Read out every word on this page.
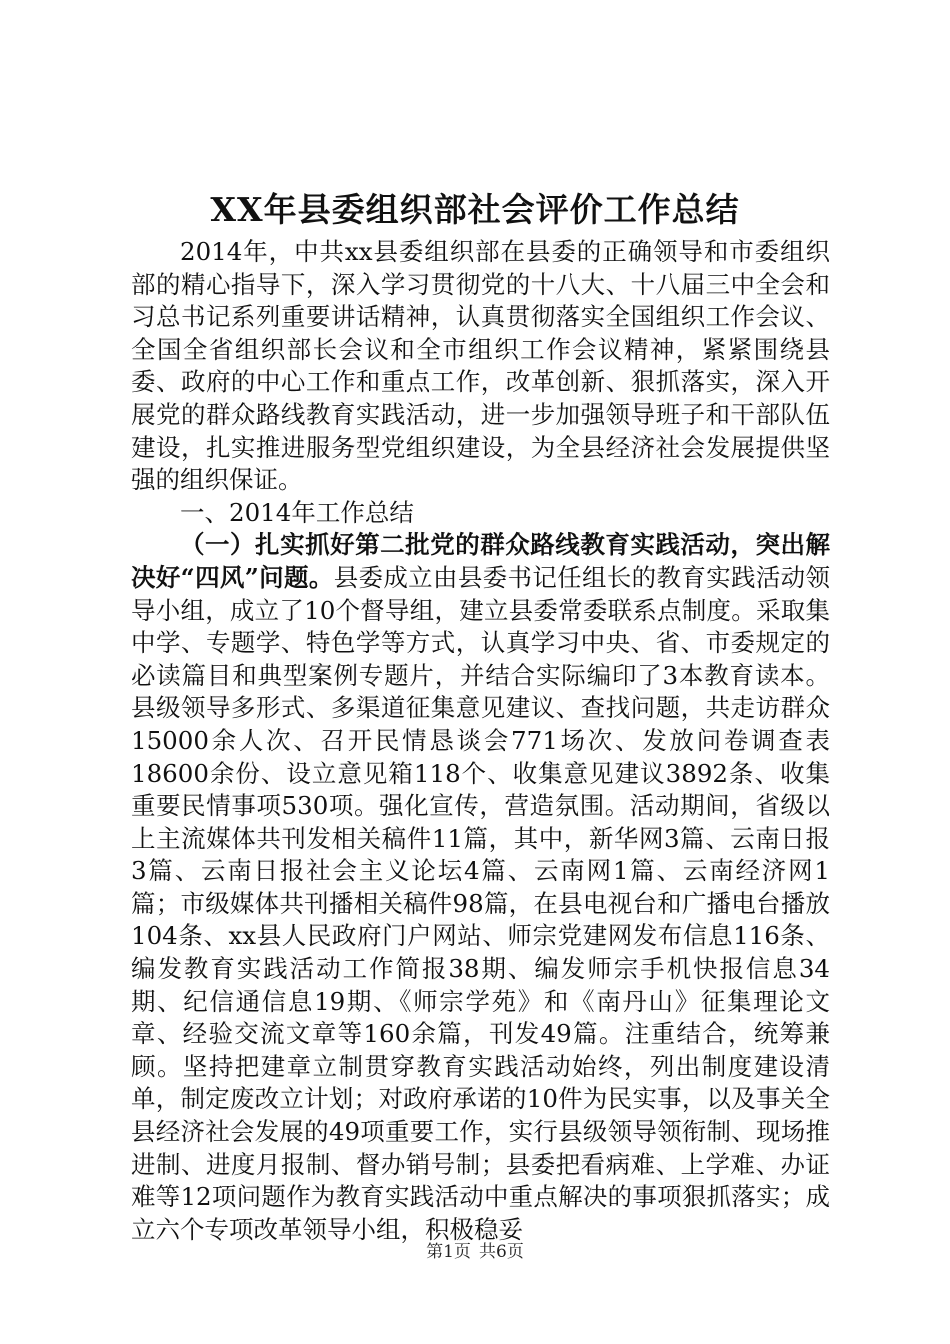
XX年县委组织部社会评价工作总结

2014年，中共xx县委组织部在县委的正确领导和市委组织部的精心指导下，深入学习贯彻党的十八大、十八届三中全会和习总书记系列重要讲话精神，认真贯彻落实全国组织工作会议、全国全省组织部长会议和全市组织工作会议精神，紧紧围绕县委、政府的中心工作和重点工作，改革创新、狠抓落实，深入开展党的群众路线教育实践活动，进一步加强领导班子和干部队伍建设，扎实推进服务型党组织建设，为全县经济社会发展提供坚强的组织保证。

一、2014年工作总结

（一）扎实抓好第二批党的群众路线教育实践活动，突出解决好“四风”问题。县委成立由县委书记任组长的教育实践活动领导小组，成立了10个督导组，建立县委常委联系点制度。采取集中学、专题学、特色学等方式，认真学习中央、省、市委规定的必读篇目和典型案例专题片，并结合实际编印了3本教育读本。县级领导多形式、多渠道征集意见建议、查找问题，共走访群众15000余人次、召开民情恳谈会771场次、发放问卷调查表18600余份、设立意见箱118个、收集意见建议3892条、收集重要民情事项530项。强化宣传，营造氛围。活动期间，省级以上主流媒体共刊发相关稿件11篇，其中，新华网3篇、云南日报3篇、云南日报社会主义论坛4篇、云南网1篇、云南经济网1篇；市级媒体共刊播相关稿件98篇，在县电视台和广播电台播放104条、xx县人民政府门户网站、师宗党建网发布信息116条、编发教育实践活动工作简报38期、编发师宗手机快报信息34期、纪信通信息19期、《师宗学苑》和《南丹山》征集理论文章、经验交流文章等160余篇，刊发49篇。注重结合，统筹兼顾。坚持把建章立制贯穿教育实践活动始终，列出制度建设清单，制定废改立计划；对政府承诺的10件为民实事，以及事关全县经济社会发展的49项重要工作，实行县级领导领衔制、现场推进制、进度月报制、督办销号制；县委把看病难、上学难、办证难等12项问题作为教育实践活动中重点解决的事项狠抓落实；成立六个专项改革领导小组，积极稳妥

第1页 共6页
